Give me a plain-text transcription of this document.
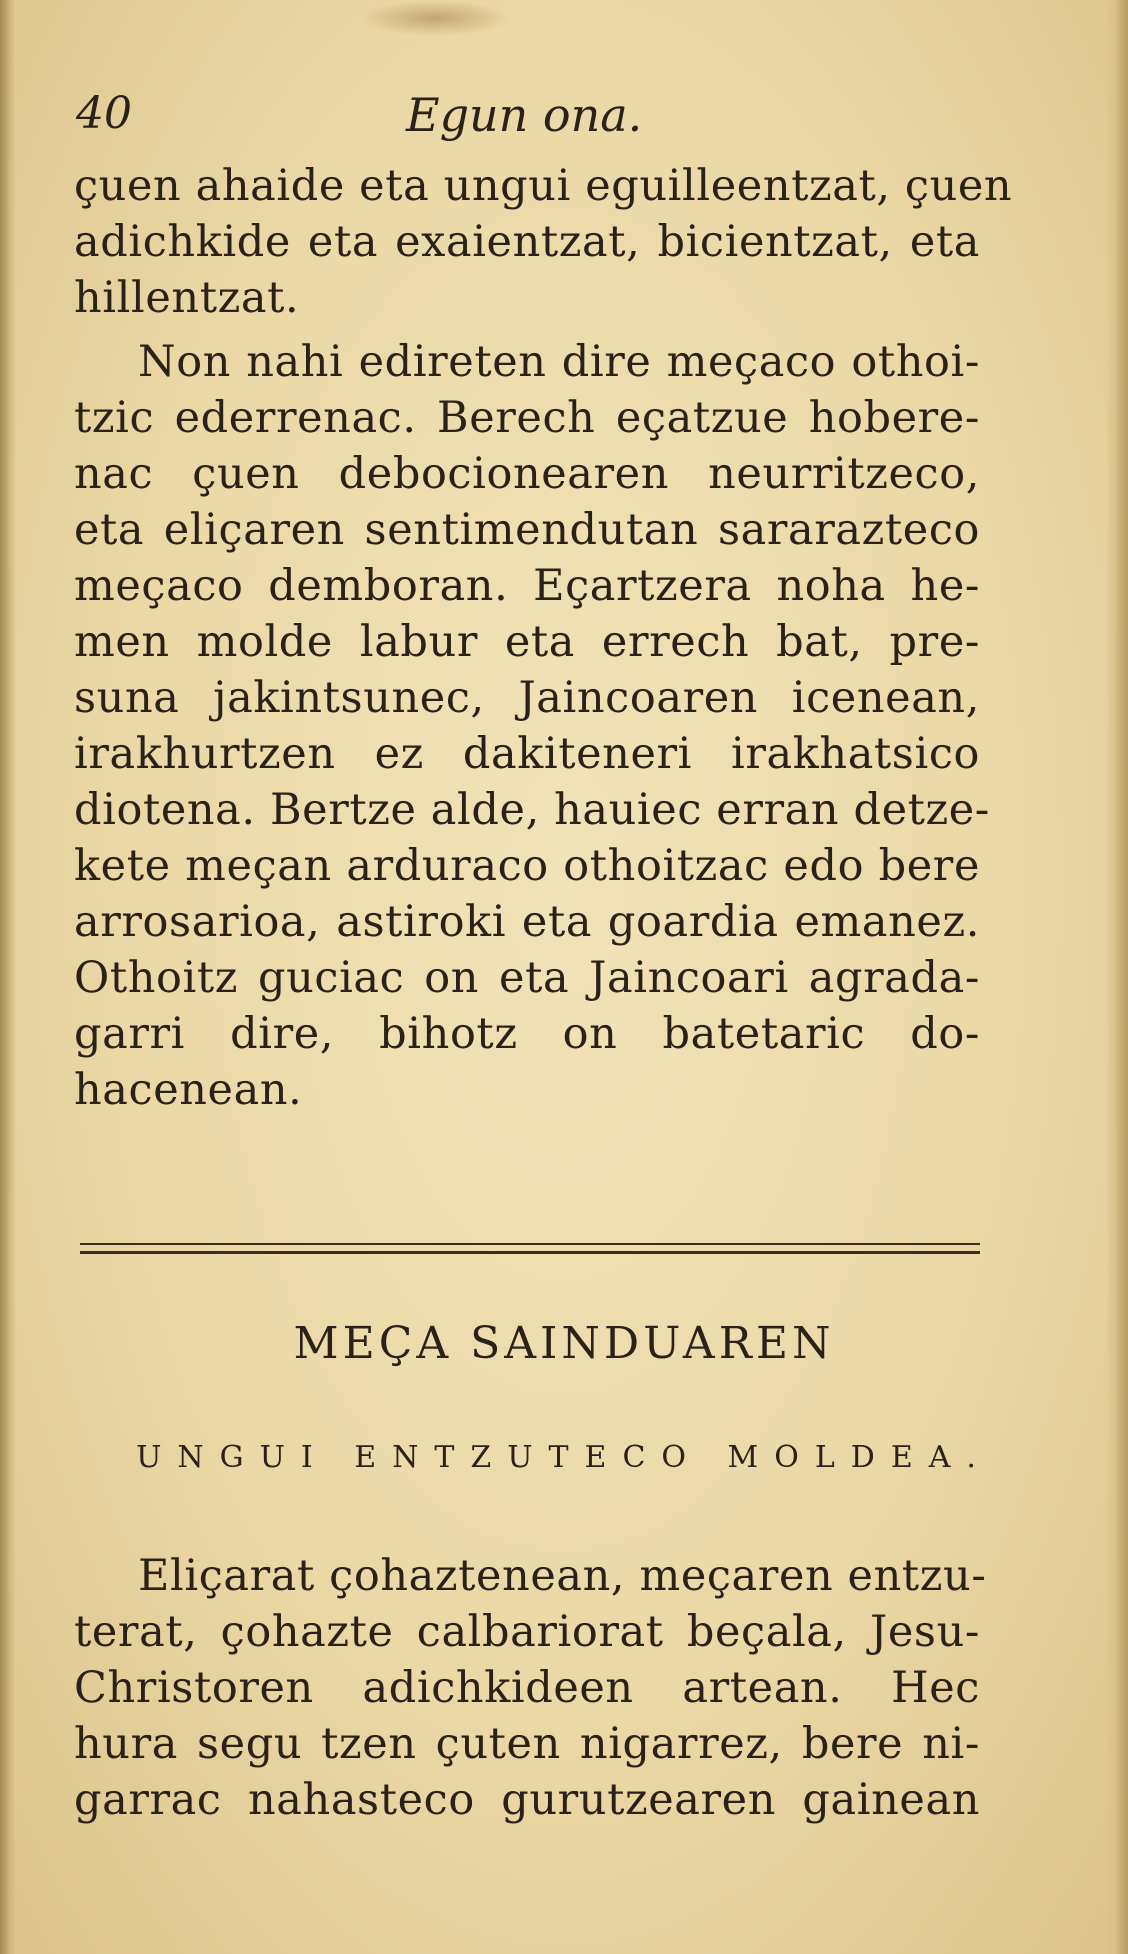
40	Egun ona.
çuen ahaide eta ungui eguilleentzat, çuen
adichkide eta exaientzat, bicientzat, eta
hillentzat.
Non nahi edireten dire meçaco othoi-
tzic ederrenac. Berech eçatzue hobere-
nac çuen debocionearen neurritzeco,
eta eliçaren sentimendutan sararazteco
meçaco demboran. Eçartzera noha he-
men molde labur eta errech bat, pre-
suna jakintsunec, Jaincoaren icenean,
irakhurtzen ez dakiteneri irakhatsico
diotena. Bertze alde, hauiec erran detze-
kete meçan arduraco othoitzac edo bere
arrosarioa, astiroki eta goardia emanez.
Othoitz guciac on eta Jaincoari agrada-
garri dire, bihotz on batetaric do-
hacenean.
MEÇA SAINDUAREN
UNGUI ENTZUTECO MOLDEA.
Eliçarat çohaztenean, meçaren entzu-
terat, çohazte calbariorat beçala, Jesu-
Christoren adichkideen artean. Hec
hura segu tzen çuten nigarrez, bere ni-
garrac nahasteco gurutzearen gainean
